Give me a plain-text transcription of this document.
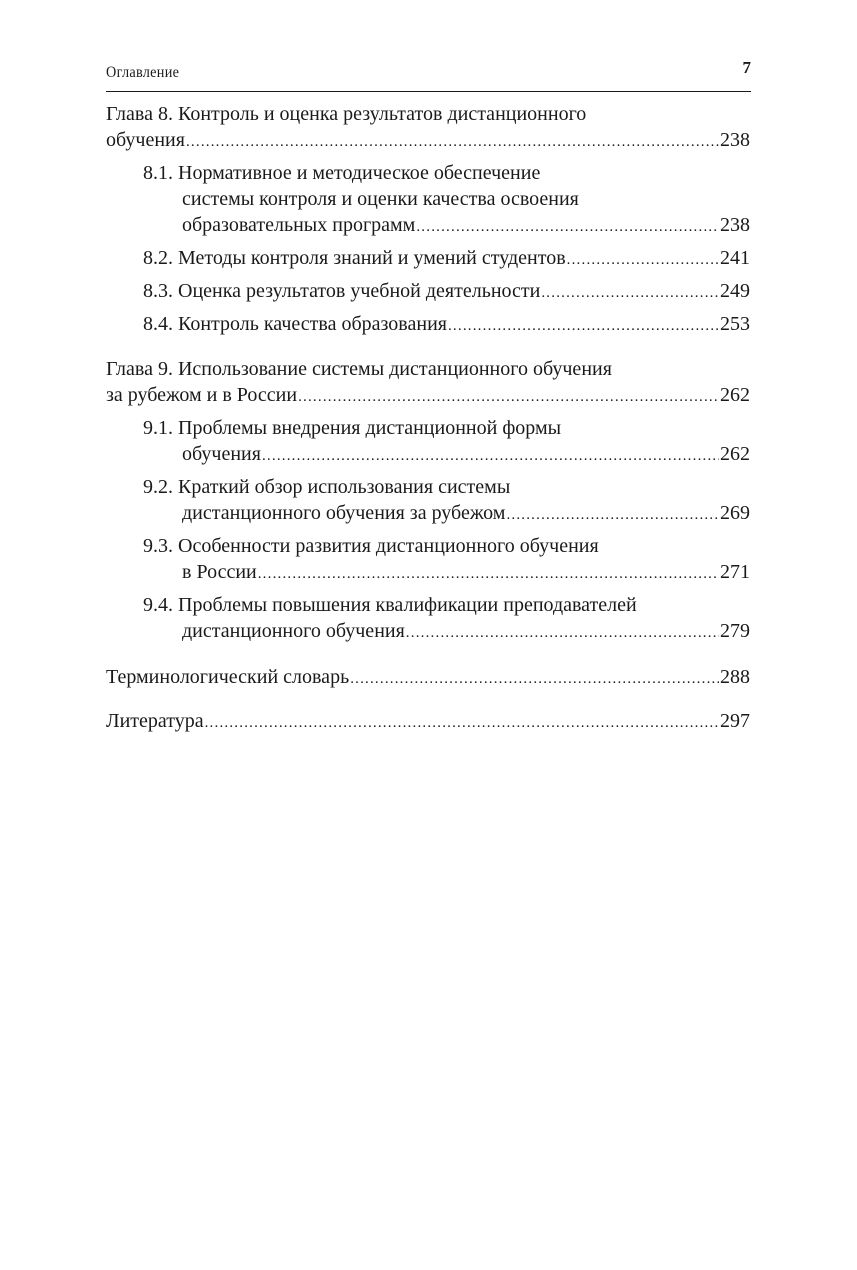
Оглавление	7
Глава 8. Контроль и оценка результатов дистанционного
обучения .....	238
8.1. Нормативное и методическое обеспечение
системы контроля и оценки качества освоения
образовательных программ .....	238
8.2. Методы контроля знаний и умений студентов .....	241
8.3. Оценка результатов учебной деятельности .....	249
8.4. Контроль качества образования .....	253
Глава 9. Использование системы дистанционного обучения
за рубежом и в России .....	262
9.1. Проблемы внедрения дистанционной формы
обучения .....	262
9.2. Краткий обзор использования системы
дистанционного обучения за рубежом .....	269
9.3. Особенности развития дистанционного обучения
в России .....	271
9.4. Проблемы повышения квалификации преподавателей
дистанционного обучения .....	279
Терминологический словарь .....	288
Литература .....	297
